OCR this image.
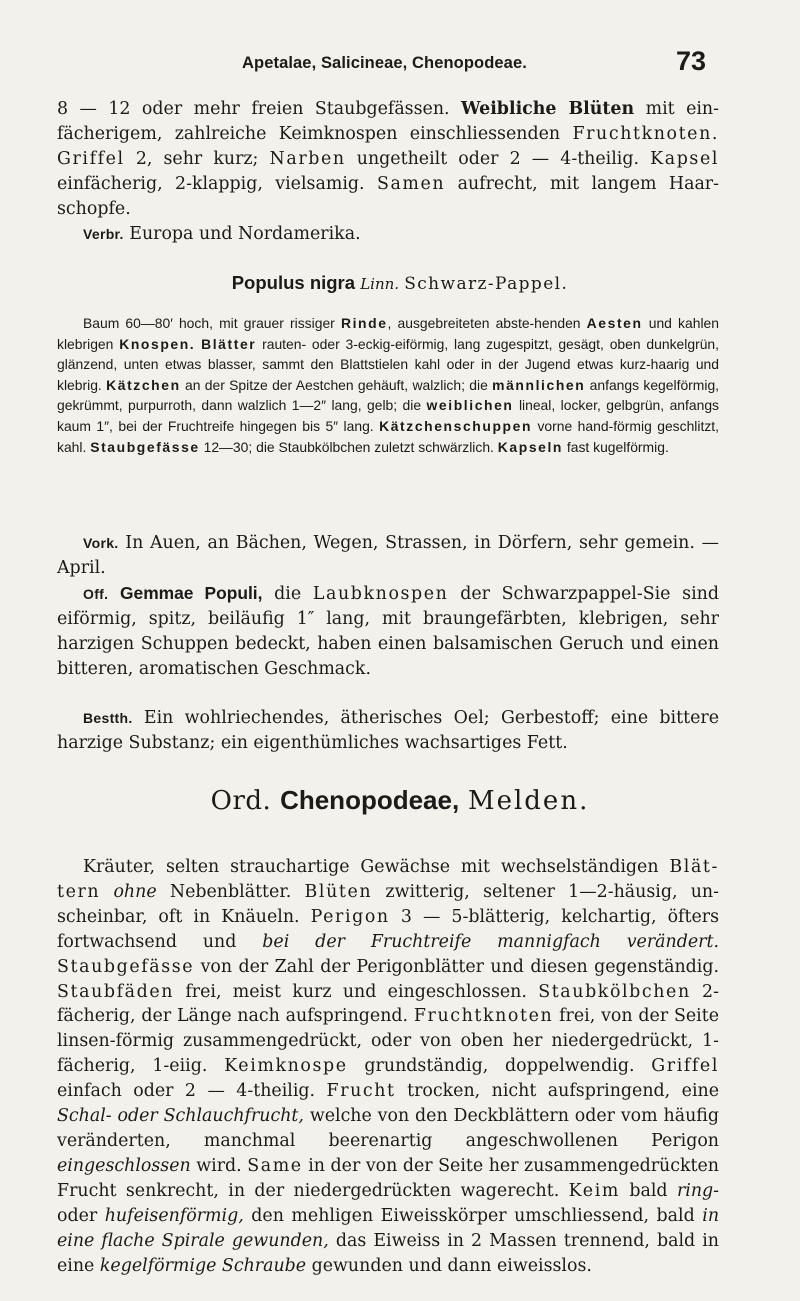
Apetalae, Salicineae, Chenopodeae.	73

8 — 12 oder mehr freien Staubgefässen. Weibliche Blüten mit ein-fächerigem, zahlreiche Keimknospen einschliessenden Fruchtknoten. Griffel 2, sehr kurz; Narben ungetheilt oder 2 — 4-theilig. Kapsel einfächerig, 2-klappig, vielsamig. Samen aufrecht, mit langem Haar-schopfe.

Verbr. Europa und Nordamerika.

Populus nigra Linn. Schwarz-Pappel.

Baum 60—80′ hoch, mit grauer rissiger Rinde, ausgebreiteten abste-henden Aesten und kahlen klebrigen Knospen. Blätter rauten- oder 3-eckig-eiförmig, lang zugespitzt, gesägt, oben dunkelgrün, glänzend, unten etwas blasser, sammt den Blattstielen kahl oder in der Jugend etwas kurz-haarig und klebrig. Kätzchen an der Spitze der Aestchen gehäuft, walzlich; die männlichen anfangs kegelförmig, gekrümmt, purpurroth, dann walzlich 1—2″ lang, gelb; die weiblichen lineal, locker, gelbgrün, anfangs kaum 1″, bei der Fruchtreife hingegen bis 5″ lang. Kätzchenschuppen vorne hand-förmig geschlitzt, kahl. Staubgefässe 12—30; die Staubkölbchen zuletzt schwärzlich. Kapseln fast kugelförmig.

Vork. In Auen, an Bächen, Wegen, Strassen, in Dörfern, sehr gemein. — April.

Off. Gemmae Populi, die Laubknospen der Schwarzpappel-Sie sind eiförmig, spitz, beiläufig 1″ lang, mit braungefärbten, klebrigen, sehr harzigen Schuppen bedeckt, haben einen balsamischen Geruch und einen bitteren, aromatischen Geschmack.

Bestth. Ein wohlriechendes, ätherisches Oel; Gerbestoff; eine bittere harzige Substanz; ein eigenthümliches wachsartiges Fett.

Ord. Chenopodeae, Melden.

Kräuter, selten strauchartige Gewächse mit wechselständigen Blät-tern ohne Nebenblätter. Blüten zwitterig, seltener 1—2-häusig, un-scheinbar, oft in Knäueln. Perigon 3 — 5-blätterig, kelchartig, öfters fortwachsend und bei der Fruchtreife mannigfach verändert. Staubgefässe von der Zahl der Perigonblätter und diesen gegenständig. Staubfäden frei, meist kurz und eingeschlossen. Staubkölbchen 2-fächerig, der Länge nach aufspringend. Fruchtknoten frei, von der Seite linsen-förmig zusammengedrückt, oder von oben her niedergedrückt, 1-fächerig, 1-eiig. Keimknospe grundständig, doppelwendig. Griffel einfach oder 2 — 4-theilig. Frucht trocken, nicht aufspringend, eine Schal- oder Schlauchfrucht, welche von den Deckblättern oder vom häufig veränderten, manchmal beerenartig angeschwollenen Perigon eingeschlossen wird. Same in der von der Seite her zusammengedrückten Frucht senkrecht, in der niedergedrückten wagerecht. Keim bald ring- oder hufeisenförmig, den mehligen Eiweisskörper umschliessend, bald in eine flache Spirale gewunden, das Eiweiss in 2 Massen trennend, bald in eine kegelförmige Schraube gewunden und dann eiweisslos.
